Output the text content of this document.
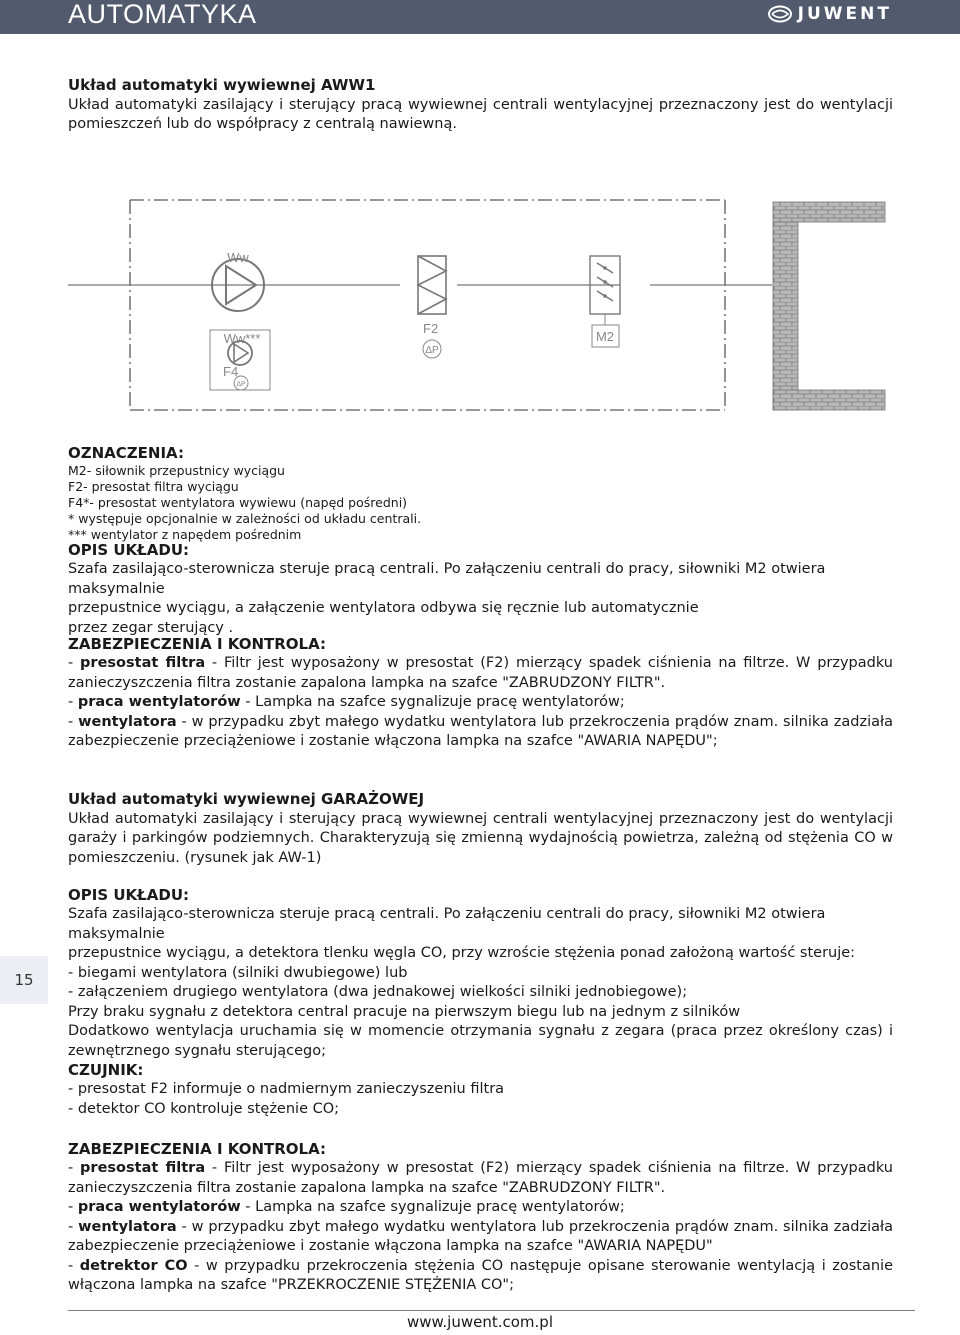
AUTOMATYKA	JUWENT

Układ automatyki wywiewnej AWW1

Układ automatyki zasilający i sterujący pracą wywiewnej centrali wentylacyjnej przeznaczony jest do wentylacji pomieszczeń lub do współpracy z centralą nawiewną.

Ww
Ww***
F4
ΔP
F2
ΔP
M2

OZNACZENIA:

M2- siłownik przepustnicy wyciągu

F2- presostat filtra wyciągu

F4*- presostat wentylatora wywiewu (napęd pośredni)

* występuje opcjonalnie w zależności od układu centrali.

*** wentylator z napędem pośrednim

OPIS UKŁADU:

Szafa zasilająco-sterownicza steruje pracą centrali. Po załączeniu centrali do pracy, siłowniki M2 otwiera maksymalnie

przepustnice wyciągu, a załączenie wentylatora odbywa się ręcznie lub automatycznie

przez zegar sterujący .

ZABEZPIECZENIA I KONTROLA:

- presostat filtra - Filtr jest wyposażony w presostat (F2) mierzący spadek ciśnienia na filtrze. W przypadku zanieczyszczenia filtra zostanie zapalona lampka na szafce "ZABRUDZONY FILTR".

- praca wentylatorów - Lampka na szafce sygnalizuje pracę wentylatorów;

- wentylatora - w przypadku zbyt małego wydatku wentylatora lub przekroczenia prądów znam. silnika zadziała zabezpieczenie przeciążeniowe i zostanie włączona lampka na szafce "AWARIA NAPĘDU";

Układ automatyki wywiewnej GARAŻOWEJ

Układ automatyki zasilający i sterujący pracą wywiewnej centrali wentylacyjnej przeznaczony jest do wentylacji garaży i parkingów podziemnych. Charakteryzują się zmienną wydajnością powietrza, zależną od stężenia CO w pomieszczeniu. (rysunek jak AW-1)

OPIS UKŁADU:

Szafa zasilająco-sterownicza steruje pracą centrali. Po załączeniu centrali do pracy, siłowniki M2 otwiera maksymalnie

przepustnice wyciągu, a detektora tlenku węgla CO, przy wzroście stężenia ponad założoną wartość steruje:

- biegami wentylatora (silniki dwubiegowe) lub

- załączeniem drugiego wentylatora (dwa jednakowej wielkości silniki jednobiegowe);

Przy braku sygnału z detektora central pracuje na pierwszym biegu lub na jednym z silników

Dodatkowo wentylacja uruchamia się w momencie otrzymania sygnału z zegara (praca przez określony czas) i zewnętrznego sygnału sterującego;

CZUJNIK:

- presostat F2 informuje o nadmiernym zanieczyszeniu filtra

- detektor CO kontroluje stężenie CO;

ZABEZPIECZENIA I KONTROLA:

- presostat filtra - Filtr jest wyposażony w presostat (F2) mierzący spadek ciśnienia na filtrze. W przypadku zanieczyszczenia filtra zostanie zapalona lampka na szafce "ZABRUDZONY FILTR".

- praca wentylatorów - Lampka na szafce sygnalizuje pracę wentylatorów;

- wentylatora - w przypadku zbyt małego wydatku wentylatora lub przekroczenia prądów znam. silnika zadziała zabezpieczenie przeciążeniowe i zostanie włączona lampka na szafce "AWARIA NAPĘDU"

- detrektor CO - w przypadku przekroczenia stężenia CO następuje opisane sterowanie wentylacją i zostanie włączona lampka na szafce "PRZEKROCZENIE STĘŻENIA CO";

15
www.juwent.com.pl
